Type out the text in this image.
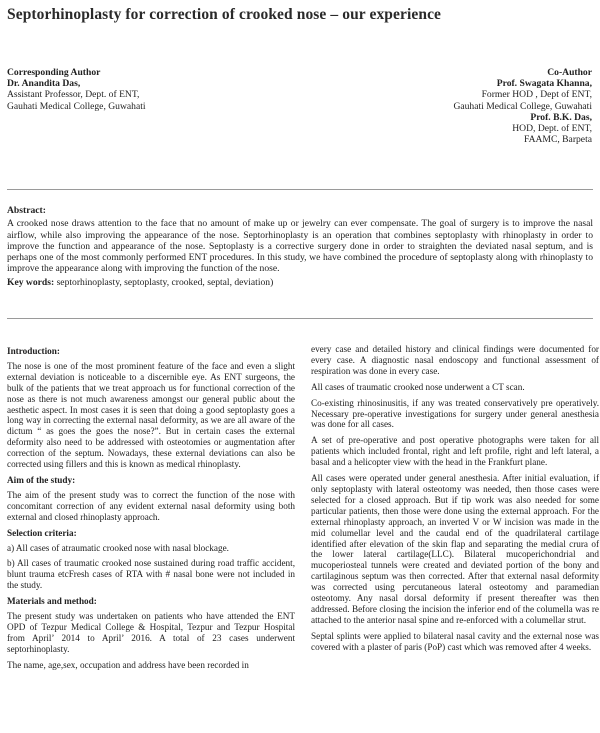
Septorhinoplasty for correction of crooked nose – our experience
Corresponding Author
Dr. Anandita Das,
Assistant Professor, Dept. of ENT,
Gauhati Medical College, Guwahati
Co-Author
Prof. Swagata Khanna,
Former HOD , Dept of ENT,
Gauhati Medical College, Guwahati
Prof. B.K. Das,
HOD, Dept. of ENT,
FAAMC, Barpeta
Abstract:
A crooked nose draws attention to the face that no amount of make up or jewelry can ever compensate. The goal of surgery is to improve the nasal airflow, while also improving the appearance of the nose. Septorhinoplasty is an operation that combines septoplasty with rhinoplasty in order to improve the function and appearance of the nose. Septoplasty is a corrective surgery done in order to straighten the deviated nasal septum, and is perhaps one of the most commonly performed ENT procedures. In this study, we have combined the procedure of septoplasty along with rhinoplasty to improve the appearance along with improving the function of the nose.
Key words: septorhinoplasty, septoplasty, crooked, septal, deviation)
Introduction:

The nose is one of the most prominent feature of the face and even a slight external deviation is noticeable to a discernible eye. As ENT surgeons, the bulk of the patients that we treat approach us for functional correction of the nose as there is not much awareness amongst our general public about the aesthetic aspect. In most cases it is seen that doing a good septoplasty goes a long way in correcting the external nasal deformity, as we are all aware of the dictum “ as goes the goes the nose?”. But in certain cases the external deformity also need to be addressed with osteotomies or augmentation after correction of the septum. Nowadays, these external deviations can also be corrected using fillers and this is known as medical rhinoplasty.

Aim of the study:

The aim of the present study was to correct the function of the nose with concomitant correction of any evident external nasal deformity using both external and closed rhinoplasty approach.

Selection criteria:

a) All cases of atraumatic crooked nose with nasal blockage.

b) All cases of traumatic crooked nose sustained during road traffic accident, blunt trauma etcFresh cases of RTA with # nasal bone were not included in the study.

Materials and method:

The present study was undertaken on patients who have attended the ENT OPD of Tezpur Medical College & Hospital, Tezpur and Tezpur Hospital from April’ 2014 to April’ 2016. A total of 23 cases underwent septorhinoplasty.

The name, age,sex, occupation and address have been recorded in

every case and detailed history and clinical findings were documented for every case. A diagnostic nasal endoscopy and functional assessment of respiration was done in every case.

All cases of traumatic crooked nose underwent a CT scan.

Co-existing rhinosinusitis, if any was treated conservatively pre operatively. Necessary pre-operative investigations for surgery under general anesthesia was done for all cases.

A set of pre-operative and post operative photographs were taken for all patients which included frontal, right and left profile, right and left lateral, a basal and a helicopter view with the head in the Frankfurt plane.

All cases were operated under general anesthesia. After initial evaluation, if only septoplasty with lateral osteotomy was needed, then those cases were selected for a closed approach. But if tip work was also needed for some particular patients, then those were done using the external approach. For the external rhinoplasty approach, an inverted V or W incision was made in the mid columellar level and the caudal end of the quadrilateral cartilage identified after elevation of the skin flap and separating the medial crura of the lower lateral cartilage(LLC). Bilateral mucoperichondrial and mucoperiosteal tunnels were created and deviated portion of the bony and cartilaginous septum was then corrected. After that external nasal deformity was corrected using percutaneous lateral osteotomy and paramedian osteotomy. Any nasal dorsal deformity if present thereafter was then addressed. Before closing the incision the inferior end of the columella was re attached to the anterior nasal spine and re-enforced with a columellar strut.

Septal splints were applied to bilateral nasal cavity and the external nose was covered with a plaster of paris (PoP) cast which was removed after 4 weeks.
